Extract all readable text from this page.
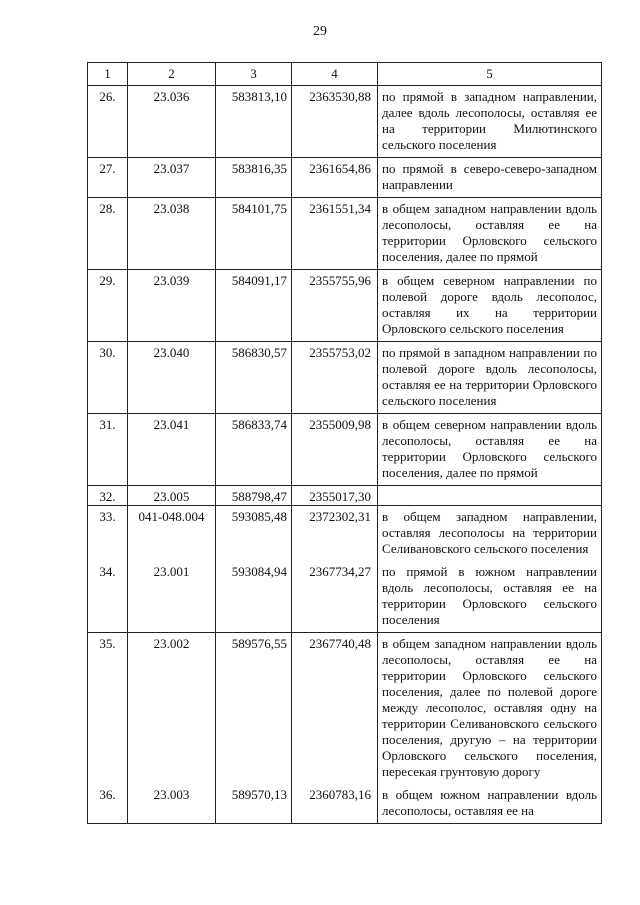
29
1	2	3	4	5
26.	23.036	583813,10	2363530,88	по прямой в западном направлении, далее вдоль лесополосы, оставляя ее на территории Милютинского сельского поселения
27.	23.037	583816,35	2361654,86	по прямой в северо-северо-западном направлении
28.	23.038	584101,75	2361551,34	в общем западном направлении вдоль лесополосы, оставляя ее на территории Орловского сельского поселения, далее по прямой
29.	23.039	584091,17	2355755,96	в общем северном направлении по полевой дороге вдоль лесополос, оставляя их на территории Орловского сельского поселения
30.	23.040	586830,57	2355753,02	по прямой в западном направлении по полевой дороге вдоль лесополосы, оставляя ее на территории Орловского сельского поселения
31.	23.041	586833,74	2355009,98	в общем северном направлении вдоль лесополосы, оставляя ее на территории Орловского сельского поселения, далее по прямой
32.	23.005	588798,47	2355017,30	
33.	041-048.004	593085,48	2372302,31	в общем западном направлении, оставляя лесополосы на территории Селивановского сельского поселения
34.	23.001	593084,94	2367734,27	по прямой в южном направлении вдоль лесополосы, оставляя ее на территории Орловского сельского поселения
35.	23.002	589576,55	2367740,48	в общем западном направлении вдоль лесополосы, оставляя ее на территории Орловского сельского поселения, далее по полевой дороге между лесополос, оставляя одну на территории Селивановского сельского поселения, другую – на территории Орловского сельского поселения, пересекая грунтовую дорогу
36.	23.003	589570,13	2360783,16	в общем южном направлении вдоль лесополосы, оставляя ее на
